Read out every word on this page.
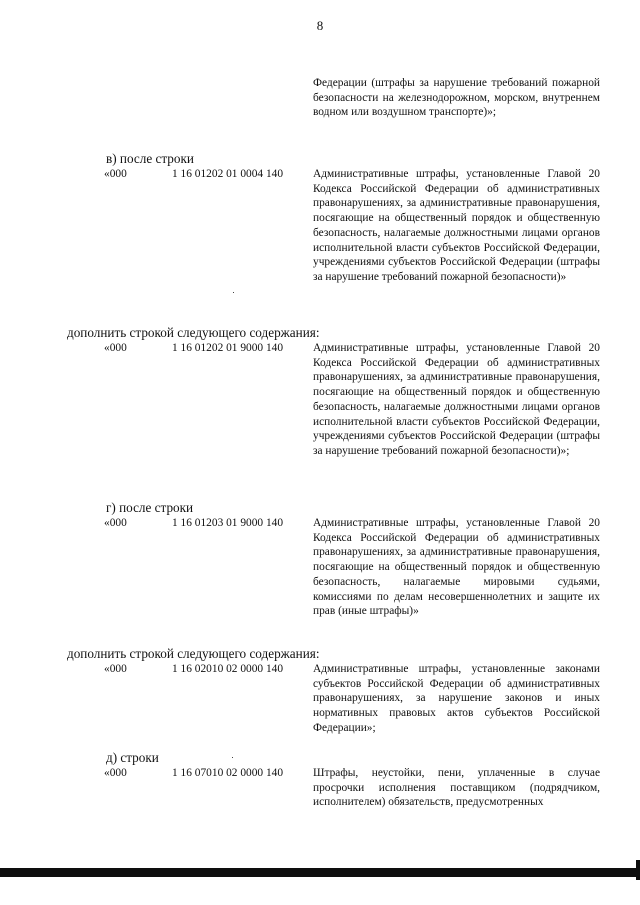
8
Федерации (штрафы за нарушение требований пожарной безопасности на железнодорожном, морском, внутреннем водном или воздушном транспорте)»;
в) после строки
«000	1 16 01202 01 0004 140	Административные штрафы, установленные Главой 20 Кодекса Российской Федерации об административных правонарушениях, за административные правонарушения, посягающие на общественный порядок и общественную безопасность, налагаемые должностными лицами органов исполнительной власти субъектов Российской Федерации, учреждениями субъектов Российской Федерации (штрафы за нарушение требований пожарной безопасности)»
дополнить строкой следующего содержания:
«000	1 16 01202 01 9000 140	Административные штрафы, установленные Главой 20 Кодекса Российской Федерации об административных правонарушениях, за административные правонарушения, посягающие на общественный порядок и общественную безопасность, налагаемые должностными лицами органов исполнительной власти субъектов Российской Федерации, учреждениями субъектов Российской Федерации (штрафы за нарушение требований пожарной безопасности)»;
г) после строки
«000	1 16 01203 01 9000 140	Административные штрафы, установленные Главой 20 Кодекса Российской Федерации об административных правонарушениях, за административные правонарушения, посягающие на общественный порядок и общественную безопасность, налагаемые мировыми судьями, комиссиями по делам несовершеннолетних и защите их прав (иные штрафы)»
дополнить строкой следующего содержания:
«000	1 16 02010 02 0000 140	Административные штрафы, установленные законами субъектов Российской Федерации об административных правонарушениях, за нарушение законов и иных нормативных правовых актов субъектов Российской Федерации»;
д) строки
«000	1 16 07010 02 0000 140	Штрафы, неустойки, пени, уплаченные в случае просрочки исполнения поставщиком (подрядчиком, исполнителем) обязательств, предусмотренных
